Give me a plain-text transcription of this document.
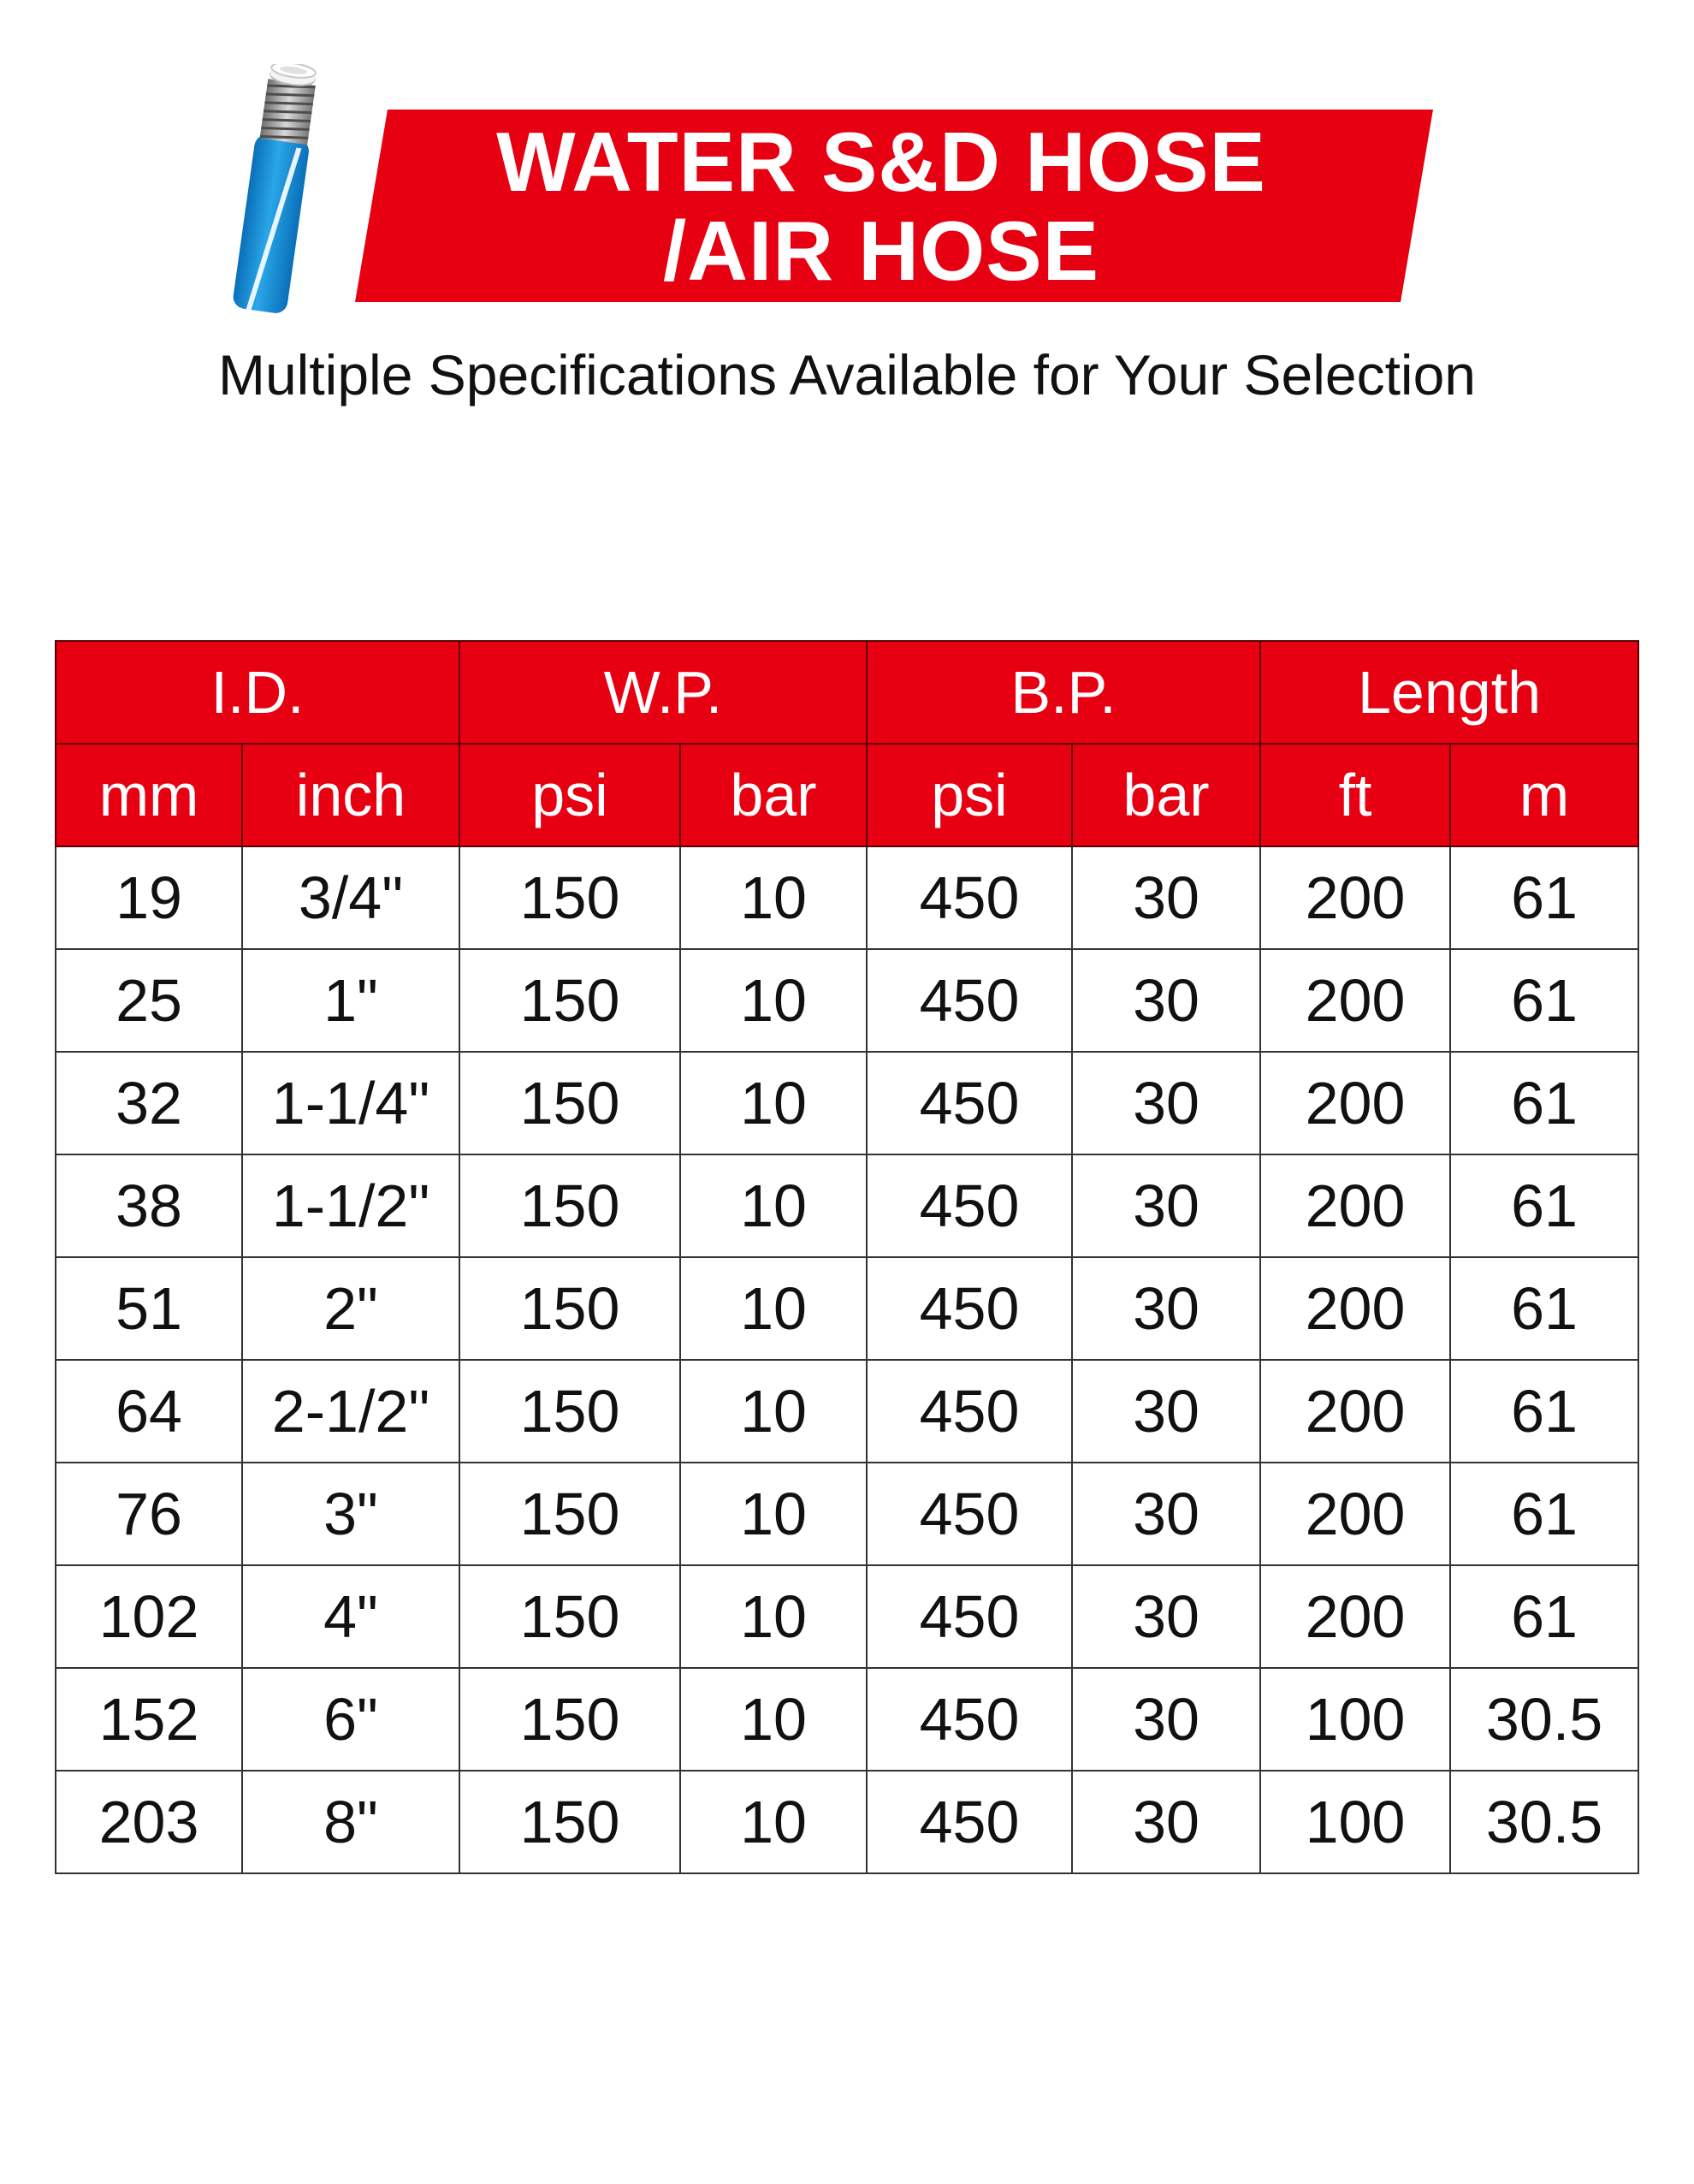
WATER S&D HOSE
/AIR HOSE
Multiple Specifications Available for Your Selection
I.D.		W.P.		B.P.		Length	
mm	inch	psi	bar	psi	bar	ft	m
19	3/4"	150	10	450	30	200	61
25	1"	150	10	450	30	200	61
32	1-1/4"	150	10	450	30	200	61
38	1-1/2"	150	10	450	30	200	61
51	2"	150	10	450	30	200	61
64	2-1/2"	150	10	450	30	200	61
76	3"	150	10	450	30	200	61
102	4"	150	10	450	30	200	61
152	6"	150	10	450	30	100	30.5
203	8"	150	10	450	30	100	30.5
